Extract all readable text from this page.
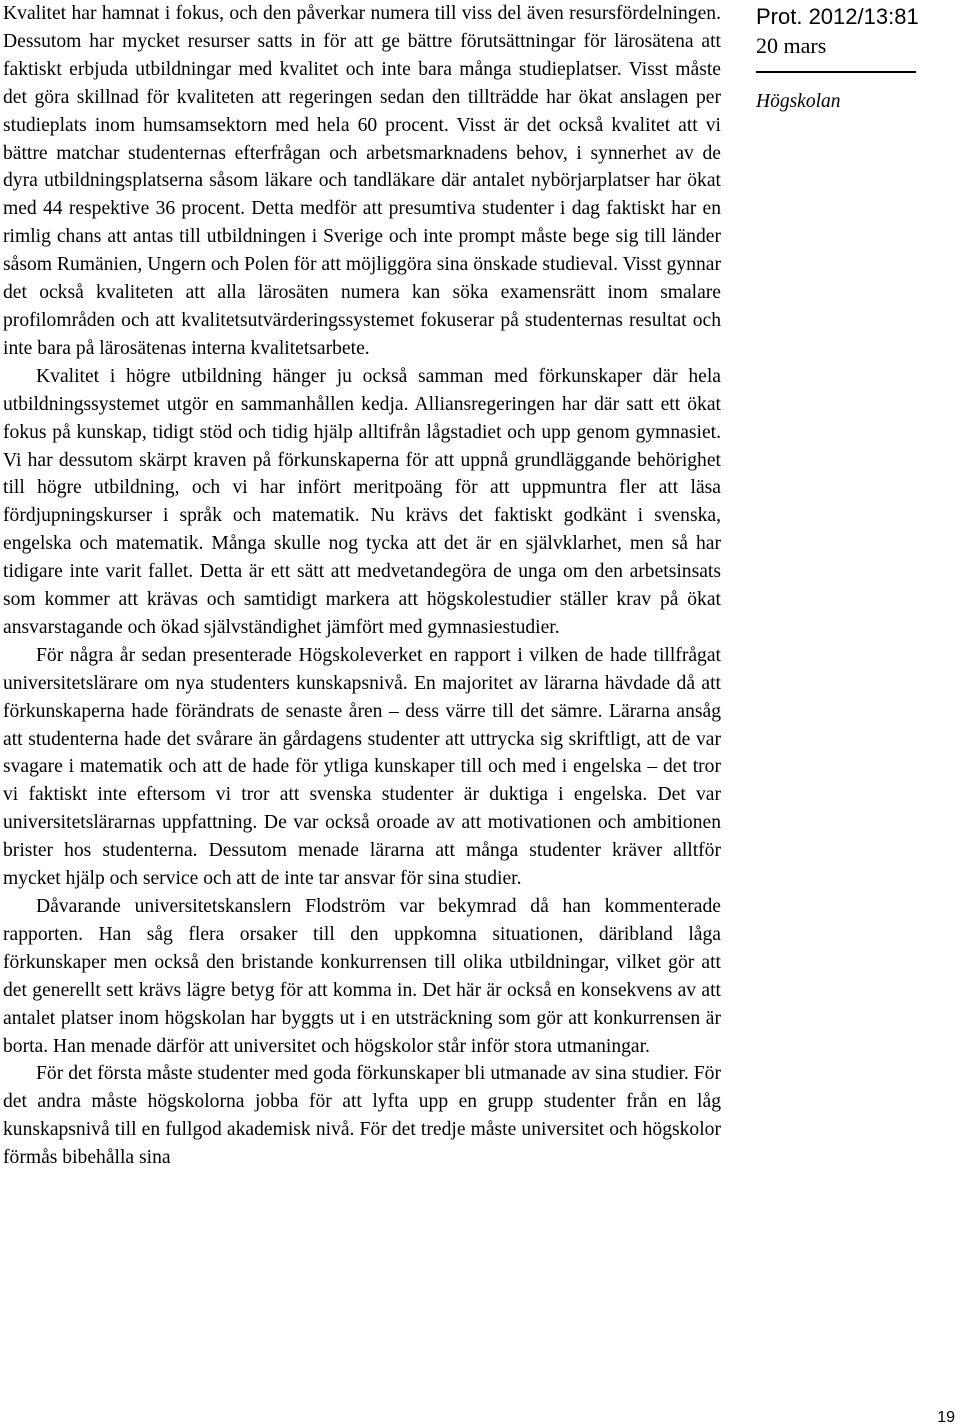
Kvalitet har hamnat i fokus, och den påverkar numera till viss del även resursfördelningen. Dessutom har mycket resurser satts in för att ge bättre förutsättningar för lärosätena att faktiskt erbjuda utbildningar med kvalitet och inte bara många studieplatser. Visst måste det göra skillnad för kvaliteten att regeringen sedan den tillträdde har ökat anslagen per studieplats inom humsamsektorn med hela 60 procent. Visst är det också kvalitet att vi bättre matchar studenternas efterfrågan och arbetsmarknadens behov, i synnerhet av de dyra utbildningsplatserna såsom läkare och tandläkare där antalet nybörjarplatser har ökat med 44 respektive 36 procent. Detta medför att presumtiva studenter i dag faktiskt har en rimlig chans att antas till utbildningen i Sverige och inte prompt måste bege sig till länder såsom Rumänien, Ungern och Polen för att möjliggöra sina önskade studieval. Visst gynnar det också kvaliteten att alla lärosäten numera kan söka examensrätt inom smalare profilområden och att kvalitetsutvärderingssystemet fokuserar på studenternas resultat och inte bara på lärosätenas interna kvalitetsarbete.

Kvalitet i högre utbildning hänger ju också samman med förkunskaper där hela utbildningssystemet utgör en sammanhållen kedja. Alliansregeringen har där satt ett ökat fokus på kunskap, tidigt stöd och tidig hjälp alltifrån lågstadiet och upp genom gymnasiet. Vi har dessutom skärpt kraven på förkunskaperna för att uppnå grundläggande behörighet till högre utbildning, och vi har infört meritpoäng för att uppmuntra fler att läsa fördjupningskurser i språk och matematik. Nu krävs det faktiskt godkänt i svenska, engelska och matematik. Många skulle nog tycka att det är en självklarhet, men så har tidigare inte varit fallet. Detta är ett sätt att medvetandegöra de unga om den arbetsinsats som kommer att krävas och samtidigt markera att högskolestudier ställer krav på ökat ansvarstagande och ökad självständighet jämfört med gymnasiestudier.

För några år sedan presenterade Högskoleverket en rapport i vilken de hade tillfrågat universitetslärare om nya studenters kunskapsnivå. En majoritet av lärarna hävdade då att förkunskaperna hade förändrats de senaste åren – dess värre till det sämre. Lärarna ansåg att studenterna hade det svårare än gårdagens studenter att uttrycka sig skriftligt, att de var svagare i matematik och att de hade för ytliga kunskaper till och med i engelska – det tror vi faktiskt inte eftersom vi tror att svenska studenter är duktiga i engelska. Det var universitetslärarnas uppfattning. De var också oroade av att motivationen och ambitionen brister hos studenterna. Dessutom menade lärarna att många studenter kräver alltför mycket hjälp och service och att de inte tar ansvar för sina studier.

Dåvarande universitetskanslern Flodström var bekymrad då han kommenterade rapporten. Han såg flera orsaker till den uppkomna situationen, däribland låga förkunskaper men också den bristande konkurrensen till olika utbildningar, vilket gör att det generellt sett krävs lägre betyg för att komma in. Det här är också en konsekvens av att antalet platser inom högskolan har byggts ut i en utsträckning som gör att konkurrensen är borta. Han menade därför att universitet och högskolor står inför stora utmaningar.

För det första måste studenter med goda förkunskaper bli utmanade av sina studier. För det andra måste högskolorna jobba för att lyfta upp en grupp studenter från en låg kunskapsnivå till en fullgod akademisk nivå. För det tredje måste universitet och högskolor förmås bibehålla sina

Prot. 2012/13:81
20 mars
Högskolan
19
